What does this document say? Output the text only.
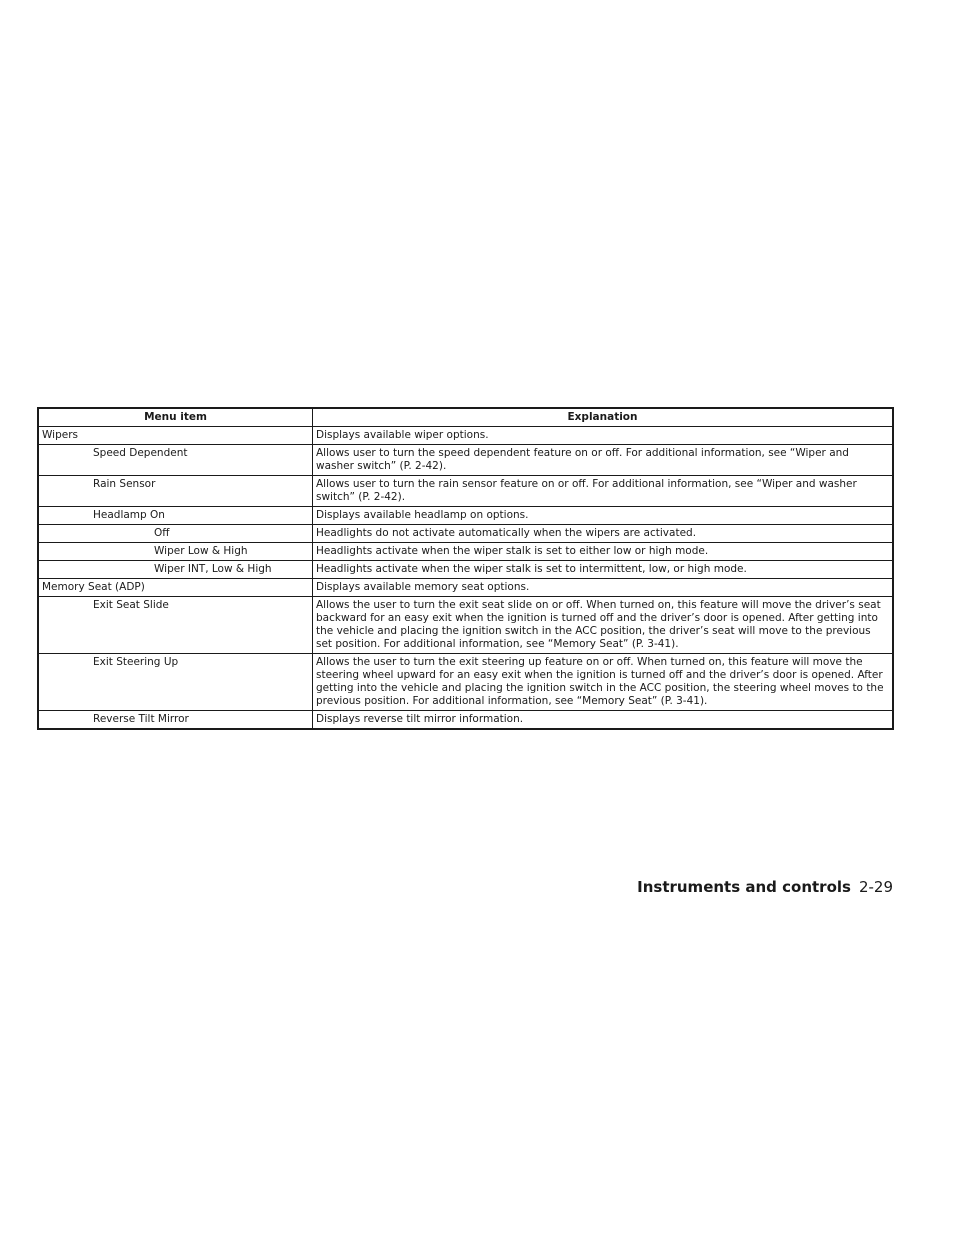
Menu item	Explanation
Wipers	Displays available wiper options.
Speed Dependent	Allows user to turn the speed dependent feature on or off. For additional information, see “Wiper and washer switch” (P. 2-42).
Rain Sensor	Allows user to turn the rain sensor feature on or off. For additional information, see “Wiper and washer switch” (P. 2-42).
Headlamp On	Displays available headlamp on options.
Off	Headlights do not activate automatically when the wipers are activated.
Wiper Low & High	Headlights activate when the wiper stalk is set to either low or high mode.
Wiper INT, Low & High	Headlights activate when the wiper stalk is set to intermittent, low, or high mode.
Memory Seat (ADP)	Displays available memory seat options.
Exit Seat Slide	Allows the user to turn the exit seat slide on or off. When turned on, this feature will move the driver’s seat backward for an easy exit when the ignition is turned off and the driver’s door is opened. After getting into the vehicle and placing the ignition switch in the ACC position, the driver’s seat will move to the previous set position. For additional information, see “Memory Seat” (P. 3-41).
Exit Steering Up	Allows the user to turn the exit steering up feature on or off. When turned on, this feature will move the steering wheel upward for an easy exit when the ignition is turned off and the driver’s door is opened. After getting into the vehicle and placing the ignition switch in the ACC position, the steering wheel moves to the previous position. For additional information, see “Memory Seat” (P. 3-41).
Reverse Tilt Mirror	Displays reverse tilt mirror information.
Instruments and controls 2-29
